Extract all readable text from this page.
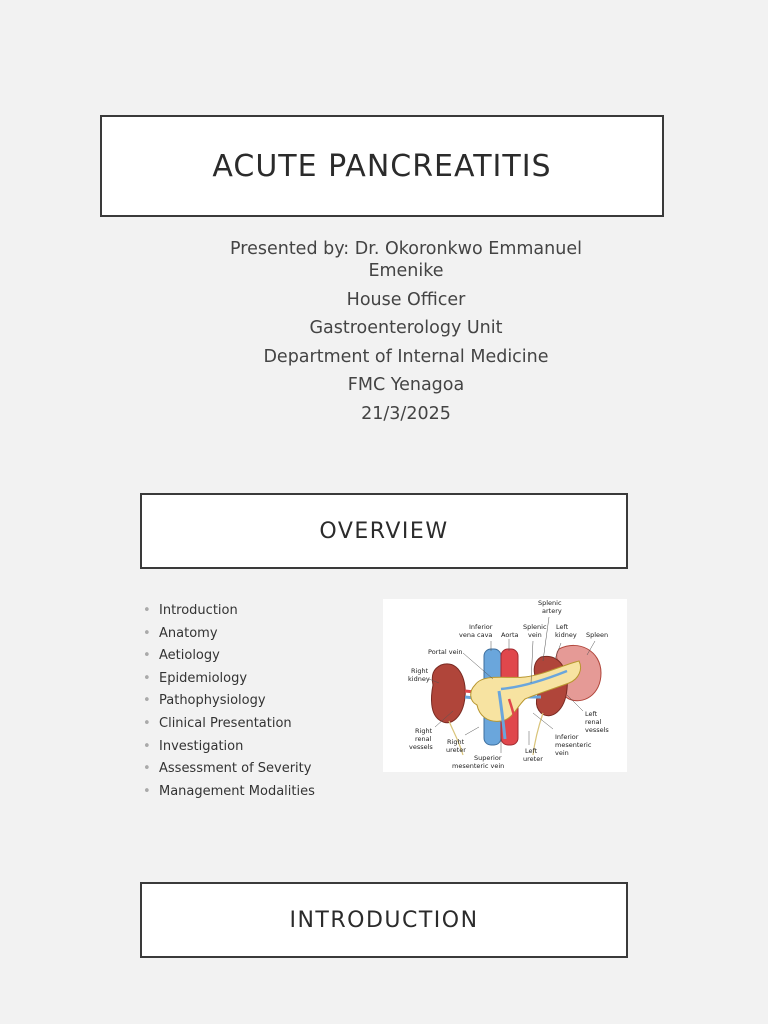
ACUTE PANCREATITIS
Presented by: Dr. Okoronkwo Emmanuel
Emenike
House Officer
Gastroenterology Unit
Department of Internal Medicine
FMC Yenagoa
21/3/2025
OVERVIEW
• Introduction
• Anatomy
• Aetiology
• Epidemiology
• Pathophysiology
• Clinical Presentation
• Investigation
• Assessment of Severity
• Management Modalities
Splenic
artery
Inferior
vena cava Aorta
Splenic
vein
Left
kidney Spleen
Portal vein
Right
kidney
Left
renal
vessels
Right
renal
vessels
Right
ureter
Inferior
mesenteric
vein
Left
ureter
Superior
mesenteric vein
INTRODUCTION
